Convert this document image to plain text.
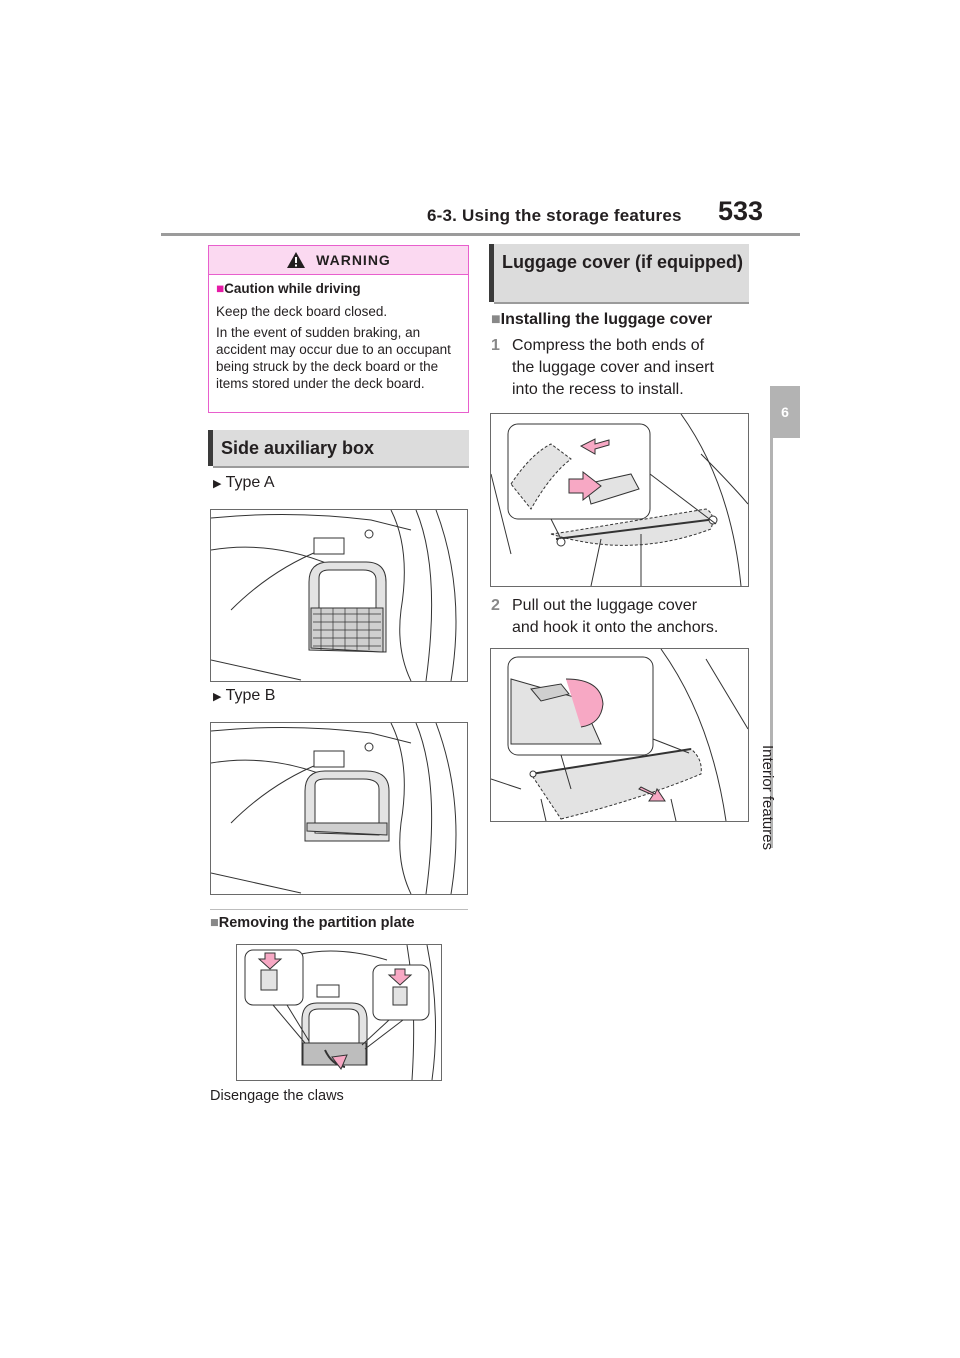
6-3. Using the storage features 533
6
Interior features
WARNING
■Caution while driving

Keep the deck board closed.

In the event of sudden braking, an accident may occur due to an occupant being struck by the deck board or the items stored under the deck board.

Side auxiliary box
▶ Type A
▶ Type B
■Removing the partition plate
Disengage the claws
Luggage cover (if equipped)
■Installing the luggage cover
1 Compress the both ends of the luggage cover and insert into the recess to install.
2 Pull out the luggage cover and hook it onto the anchors.
